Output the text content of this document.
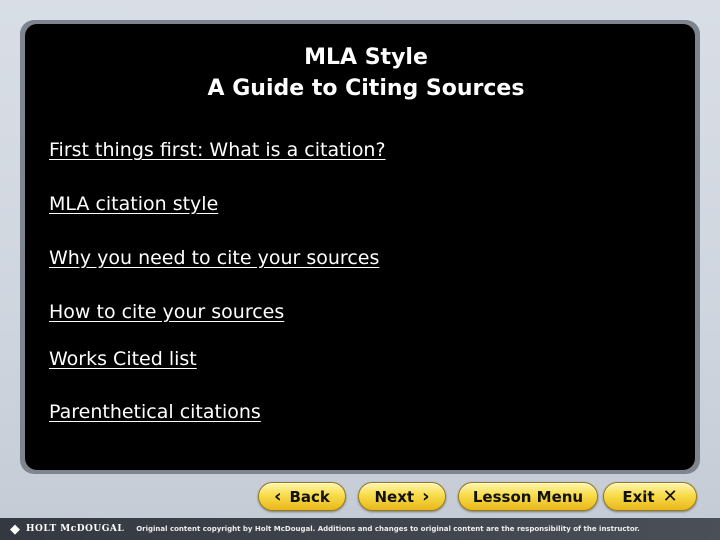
MLA Style
A Guide to Citing Sources
First things first: What is a citation?
MLA citation style
Why you need to cite your sources
How to cite your sources
Works Cited list
Parenthetical citations
‹ Back	Next ›	Lesson Menu	Exit ✕
◆ HOLT McDOUGAL Original content copyright by Holt McDougal. Additions and changes to original content are the responsibility of the instructor.
